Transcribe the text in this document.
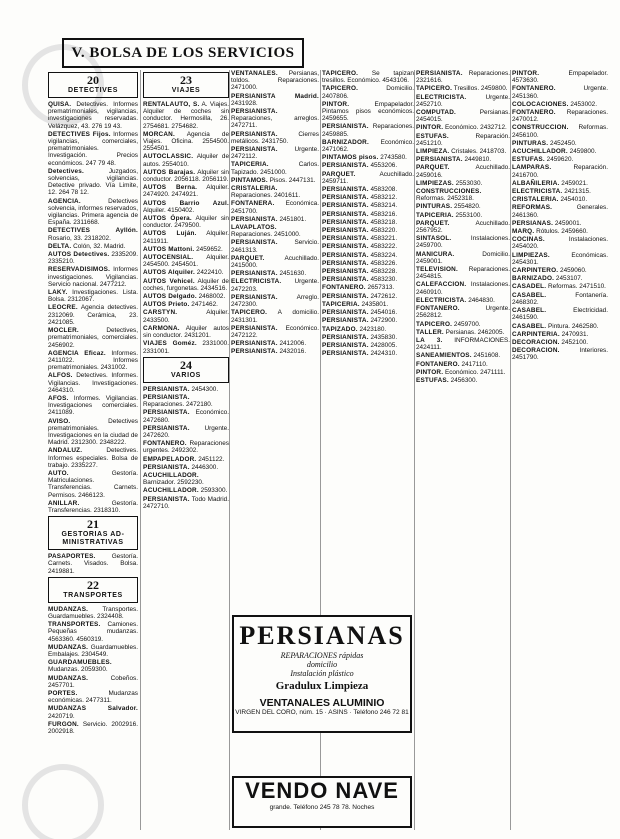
V. BOLSA DE LOS SERVICIOS
20
DETECTIVES

QUISA. Detectives. Informes prematrimoniales, vigilancias, investigaciones reservadas. Velázquez, 43. 276 19 43.

DETECTIVES Fijos. Informes vigilancias, comerciales, prematrimoniales. Investigación. Precios económicos. 247 79 48.

Detectives. Juzgados, solvencias, vigilancias. Detective privado. Vía Limite, 12. 264 78 12.

AGENCIA. Detectives solvencia, informes reservados, vigilancias. Primera agencia de España. 2311668.

DETECTIVES Ayllón. Rosario, 33. 2318202.

DELTA. Colón, 32. Madrid.

AUTOS Detectives. 2335209. 2335210.

RESERVADISIMOS. Informes investigaciones. Vigilancias. Servicio nacional. 2477212.

LAKY. Investigaciones. Lista. Bolsa. 2312067.

LEOCRE. Agencia detectives. 2312069. Cerámica, 23. 2421085.

MOCLER. Detectives, prematrimoniales, comerciales. 2456902.

AGENCIA Eficaz. Informes. 2411022. Informes prematrimoniales. 2431002.

ALFOS. Detectives. Informes. Vigilancias. Investigaciones. 2464310.

AFOS. Informes. Vigilancias. Investigaciones comerciales. 2411089.

AVISO. Detectives prematrimoniales. Investigaciones en la ciudad de Madrid. 2312300. 2348222.

ANDALUZ. Detectives. Informes especiales. Bolsa de trabajo. 2335227.

AUTO. Gestoría. Matriculaciones. Transferencias. Carnets. Permisos. 2466123.

ANILLAR. Gestoría. Transferencias. 2318310.

21
GESTORIAS AD-MINISTRATIVAS

PASAPORTES. Gestoría. Carnets. Visados. Bolsa. 2419881.

22
TRANSPORTES

MUDANZAS. Transportes. Guardamuebles. 2324408.

TRANSPORTES. Camiones. Pequeñas mudanzas. 4563360. 4560319.

MUDANZAS. Guardamuebles. Embalajes. 2304549.

GUARDAMUEBLES. Mudanzas. 2059300.

MUDANZAS. Cobeños. 2457701.

PORTES. Mudanzas económicas. 2477311.

MUDANZAS Salvador. 2420719.

FURGON. Servicio. 2002916. 2002918.

23
VIAJES

RENTALAUTO, S. A. Viajes. Alquiler de coches sin conductor. Hermosilla, 26. 2754681. 2754682.

MORCAN. Agencia de Viajes. Oficina. 2554500. 2554501.

AUTOCLASSIC. Alquiler de autos. 2554010.

AUTOS Barajas. Alquiler sin conductor. 2056118. 2056119.

AUTOS Berna. Alquiler. 2474920. 2474921.

AUTOS Barrio Azul. Alquiler. 4150402.

AUTOS Ópera. Alquiler sin conductor. 2479500.

AUTOS Luján. Alquiler. 2411911.

AUTOS Mattoni. 2459652.

AUTOCENSIAL. Alquiler. 2454500. 2454501.

AUTOS Alquiler. 2422410.

AUTOS Vehicel. Alquiler de coches, furgonetas. 2434516.

AUTOS Delgado. 2468002.

AUTOS Prieto. 2471462.

CARSTYN. Alquiler. 2433500.

CARMONA. Alquiler autos sin conductor. 2431201.

VIAJES Goméz. 2331000. 2331001.

24
VARIOS

PERSIANISTA. 2454300.

PERSIANISTA. Reparaciones. 2472180.

PERSIANISTA. Económico. 2472680.

PERSIANISTA. Urgente. 2472620.

FONTANERO. Reparaciones urgentes. 2492302.

EMPAPELADOR. 2451122.

PERSIANISTA. 2446300.

ACUCHILLADOR. Barnizador. 2592230.

ACUCHILLADOR. 2593300.

PERSIANISTA. Todo Madrid. 2472710.

VENTANALES. Persianas, toldos. Reparaciones. 2471000.

PERSIANISTA Madrid. 2431928.

PERSIANISTA. Reparaciones, arreglos. 2472711.

PERSIANISTA. Cierres metálicos. 2431750.

PERSIANISTA. Urgente. 2472112.

TAPICERIA. Carlos. Tapizado. 2451000.

PINTAMOS. Pisos. 2447131.

CRISTALERIA. Reparaciones. 2401611.

FONTANERA. Económica. 2451700.

PERSIANISTA. 2451801.

LAVAPLATOS. Reparaciones. 2451000.

PERSIANISTA. Servicio. 2461313.

PARQUET. Acuchillado. 2415000.

PERSIANISTA. 2451630.

ELECTRICISTA. Urgente. 2472203.

PERSIANISTA. Arreglo. 2472300.

TAPICERO. A domicilio. 2431301.

PERSIANISTA. Económico. 2472122.

PERSIANISTA. 2412006.

PERSIANISTA. 2432016.

TAPICERO. Se tapizan tresillos. Económico. 4543106.

TAPICERO. Domicilio. 2407806.

PINTOR. Empapelador. Pintamos pisos económicos. 2459655.

PERSIANISTA. Reparaciones. 2459885.

BARNIZADOR. Económico. 2471062.

PINTAMOS pisos. 2743580.

PERSIANISTA. 4553206.

PARQUET. Acuchillado. 2459711.

PERSIANISTA. 4583208.

PERSIANISTA. 4583212.

PERSIANISTA. 4583214.

PERSIANISTA. 4583216.

PERSIANISTA. 4583218.

PERSIANISTA. 4583220.

PERSIANISTA. 4583221.

PERSIANISTA. 4583222.

PERSIANISTA. 4583224.

PERSIANISTA. 4583226.

PERSIANISTA. 4583228.

PERSIANISTA. 4583230.

FONTANERO. 2657313.

PERSIANISTA. 2472612.

TAPICERIA. 2435801.

PERSIANISTA. 2454016.

PERSIANISTA. 2472900.

TAPIZADO. 2423180.

PERSIANISTA. 2435830.

PERSIANISTA. 2428005.

PERSIANISTA. 2424310.

PERSIANISTA. Reparaciones. 2321616.

TAPICERO. Tresillos. 2459800.

ELECTRICISTA. Urgente. 2452710.

COMPUTAD. Persianas. 2454015.

PINTOR. Económico. 2432712.

ESTUFAS. Reparación. 2451210.

LIMPIEZA. Cristales. 2418703.

PERSIANISTA. 2449810.

PARQUET. Acuchillado. 2459016.

LIMPIEZAS. 2553030.

CONSTRUCCIONES. Reformas. 2452318.

PINTURAS. 2554820.

TAPICERIA. 2553100.

PARQUET. Acuchillado. 2567952.

SINTASOL. Instalaciones. 2459700.

MANICURA. Domicilio. 2459001.

TELEVISION. Reparaciones. 2454815.

CALEFACCION. Instalaciones. 2460910.

ELECTRICISTA. 2464830.

FONTANERO. Urgente. 2562812.

TAPICERO. 2459700.

TALLER. Persianas. 2462005.

LA 3. INFORMACIONES. 2424111.

SANEAMIENTOS. 2451608.

FONTANERO. 2417110.

PINTOR. Económico. 2471111.

ESTUFAS. 2456300.

PINTOR. Empapelador. 4573630.

FONTANERO. Urgente. 2451360.

COLOCACIONES. 2453002.

FONTANERO. Reparaciones. 2470012.

CONSTRUCCION. Reformas. 2456100.

PINTURAS. 2452450.

ACUCHILLADOR. 2459800.

ESTUFAS. 2459620.

LAMPARAS. Reparación. 2416700.

ALBAÑILERIA. 2459021.

ELECTRICISTA. 2421315.

CRISTALERIA. 2454010.

REFORMAS. Generales. 2461360.

PERSIANAS. 2459001.

MARQ. Rótulos. 2459660.

COCINAS. Instalaciones. 2454020.

LIMPIEZAS. Económicas. 2454301.

CARPINTERO. 2459060.

BARNIZADO. 2453107.

CASADEL. Reformas. 2471510.

CASABEL. Fontanería. 2468302.

CASABEL. Electricidad. 2461590.

CASABEL. Pintura. 2462580.

CARPINTERIA. 2470931.

DECORACION. 2452100.

DECORACION. Interiores. 2451790.

PERSIANAS
REPARACIONES rápidas
domicilio
Instalación plástico
Gradulux Limpieza
VENTANALES ALUMINIO
VIRGEN DEL CORO, núm. 15 · ASINS · Teléfono 246 72 81
VENDO NAVE
grande. Teléfono 245 78 78. Noches
